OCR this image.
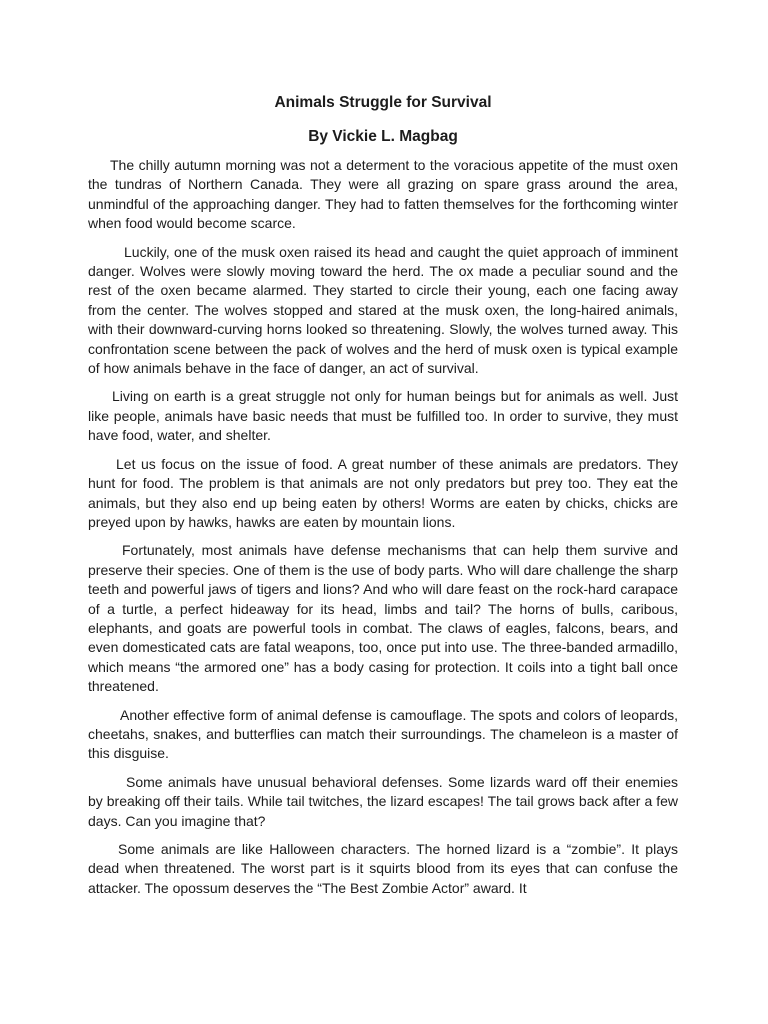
Animals Struggle for Survival
By Vickie L. Magbag

The chilly autumn morning was not a determent to the voracious appetite of the must oxen the tundras of Northern Canada. They were all grazing on spare grass around the area, unmindful of the approaching danger. They had to fatten themselves for the forthcoming winter when food would become scarce.

Luckily, one of the musk oxen raised its head and caught the quiet approach of imminent danger. Wolves were slowly moving toward the herd. The ox made a peculiar sound and the rest of the oxen became alarmed. They started to circle their young, each one facing away from the center. The wolves stopped and stared at the musk oxen, the long-haired animals, with their downward-curving horns looked so threatening. Slowly, the wolves turned away. This confrontation scene between the pack of wolves and the herd of musk oxen is typical example of how animals behave in the face of danger, an act of survival.

Living on earth is a great struggle not only for human beings but for animals as well. Just like people, animals have basic needs that must be fulfilled too. In order to survive, they must have food, water, and shelter.

Let us focus on the issue of food. A great number of these animals are predators. They hunt for food. The problem is that animals are not only predators but prey too. They eat the animals, but they also end up being eaten by others! Worms are eaten by chicks, chicks are preyed upon by hawks, hawks are eaten by mountain lions.

Fortunately, most animals have defense mechanisms that can help them survive and preserve their species. One of them is the use of body parts. Who will dare challenge the sharp teeth and powerful jaws of tigers and lions? And who will dare feast on the rock-hard carapace of a turtle, a perfect hideaway for its head, limbs and tail? The horns of bulls, caribous, elephants, and goats are powerful tools in combat. The claws of eagles, falcons, bears, and even domesticated cats are fatal weapons, too, once put into use. The three-banded armadillo, which means “the armored one” has a body casing for protection. It coils into a tight ball once threatened.

Another effective form of animal defense is camouflage. The spots and colors of leopards, cheetahs, snakes, and butterflies can match their surroundings. The chameleon is a master of this disguise.

Some animals have unusual behavioral defenses. Some lizards ward off their enemies by breaking off their tails. While tail twitches, the lizard escapes! The tail grows back after a few days. Can you imagine that?

Some animals are like Halloween characters. The horned lizard is a “zombie”. It plays dead when threatened. The worst part is it squirts blood from its eyes that can confuse the attacker. The opossum deserves the “The Best Zombie Actor” award. It
